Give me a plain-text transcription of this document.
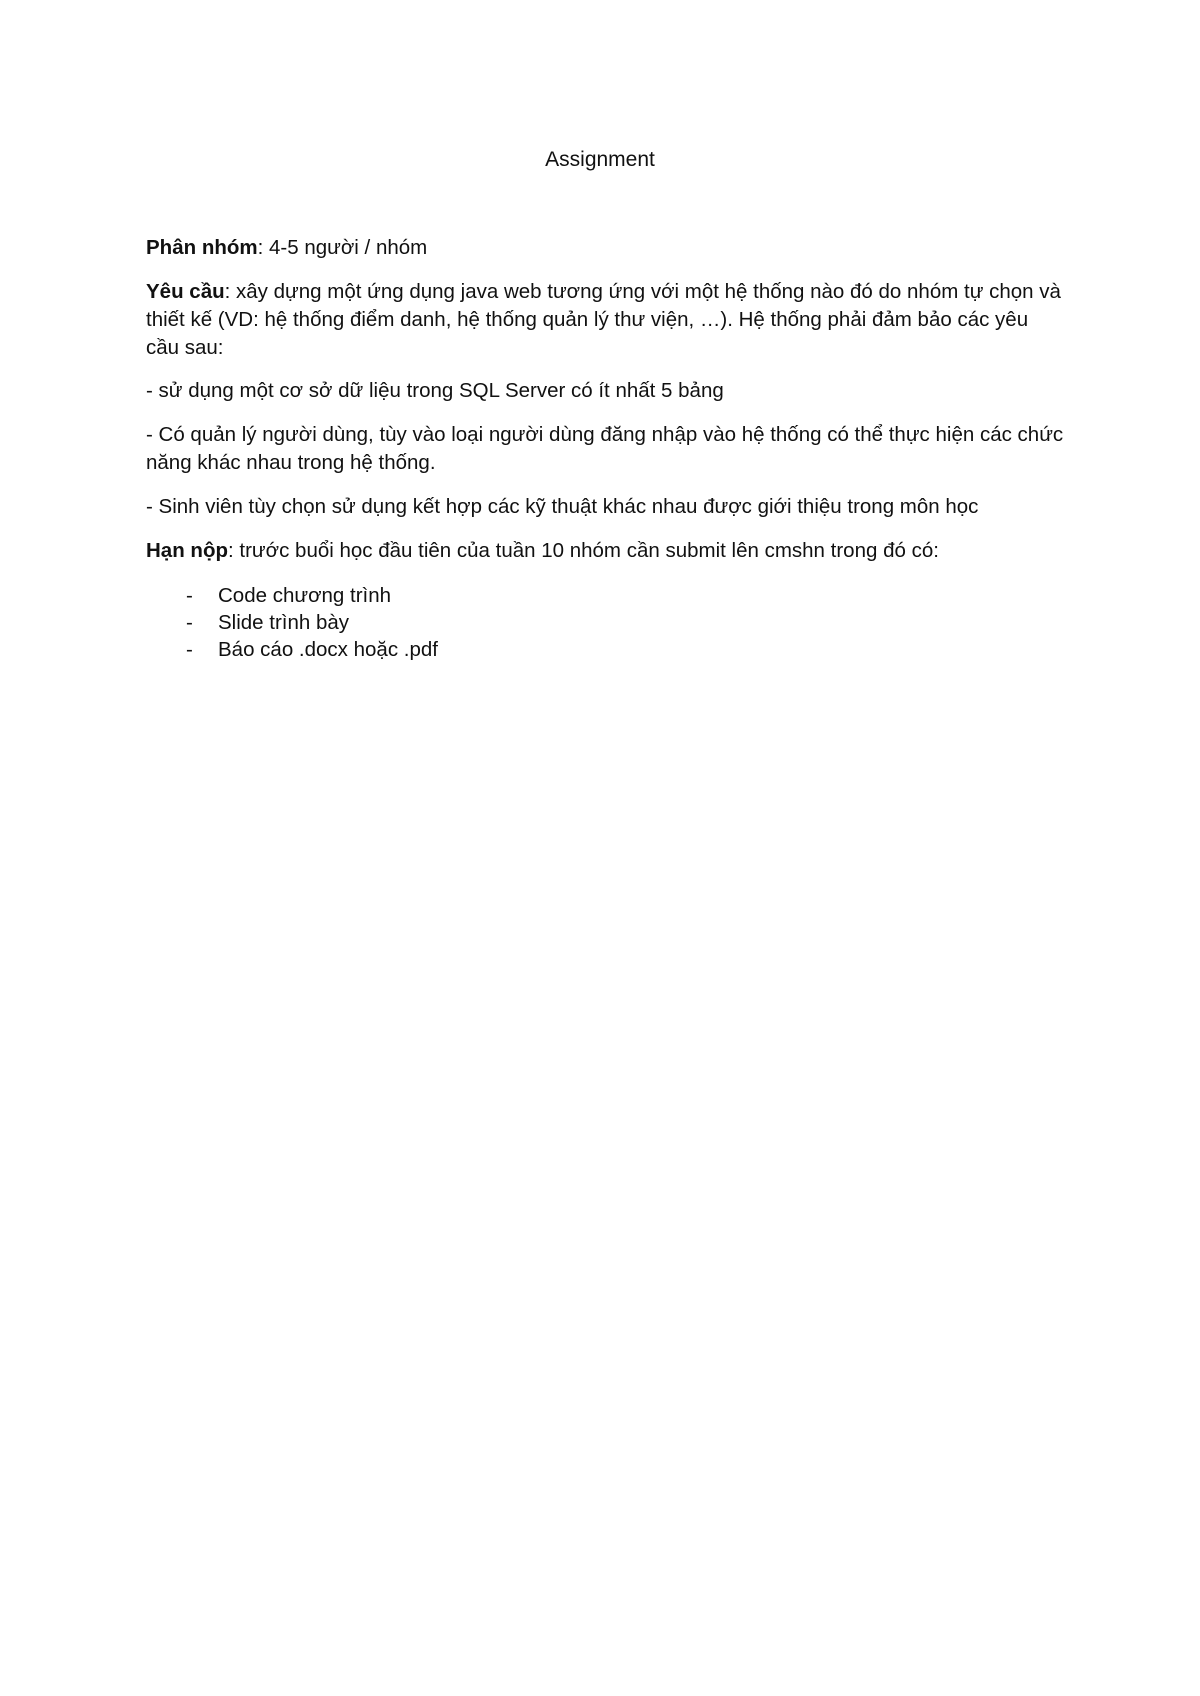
Assignment

Phân nhóm: 4-5 người / nhóm

Yêu cầu: xây dựng một ứng dụng java web tương ứng với một hệ thống nào đó do nhóm tự chọn và thiết kế (VD: hệ thống điểm danh, hệ thống quản lý thư viện, …). Hệ thống phải đảm bảo các yêu cầu sau:

- sử dụng một cơ sở dữ liệu trong SQL Server có ít nhất 5 bảng

- Có quản lý người dùng, tùy vào loại người dùng đăng nhập vào hệ thống có thể thực hiện các chức năng khác nhau trong hệ thống.

- Sinh viên tùy chọn sử dụng kết hợp các kỹ thuật khác nhau được giới thiệu trong môn học

Hạn nộp: trước buổi học đầu tiên của tuần 10 nhóm cần submit lên cmshn trong đó có:

- Code chương trình
- Slide trình bày
- Báo cáo .docx hoặc .pdf
